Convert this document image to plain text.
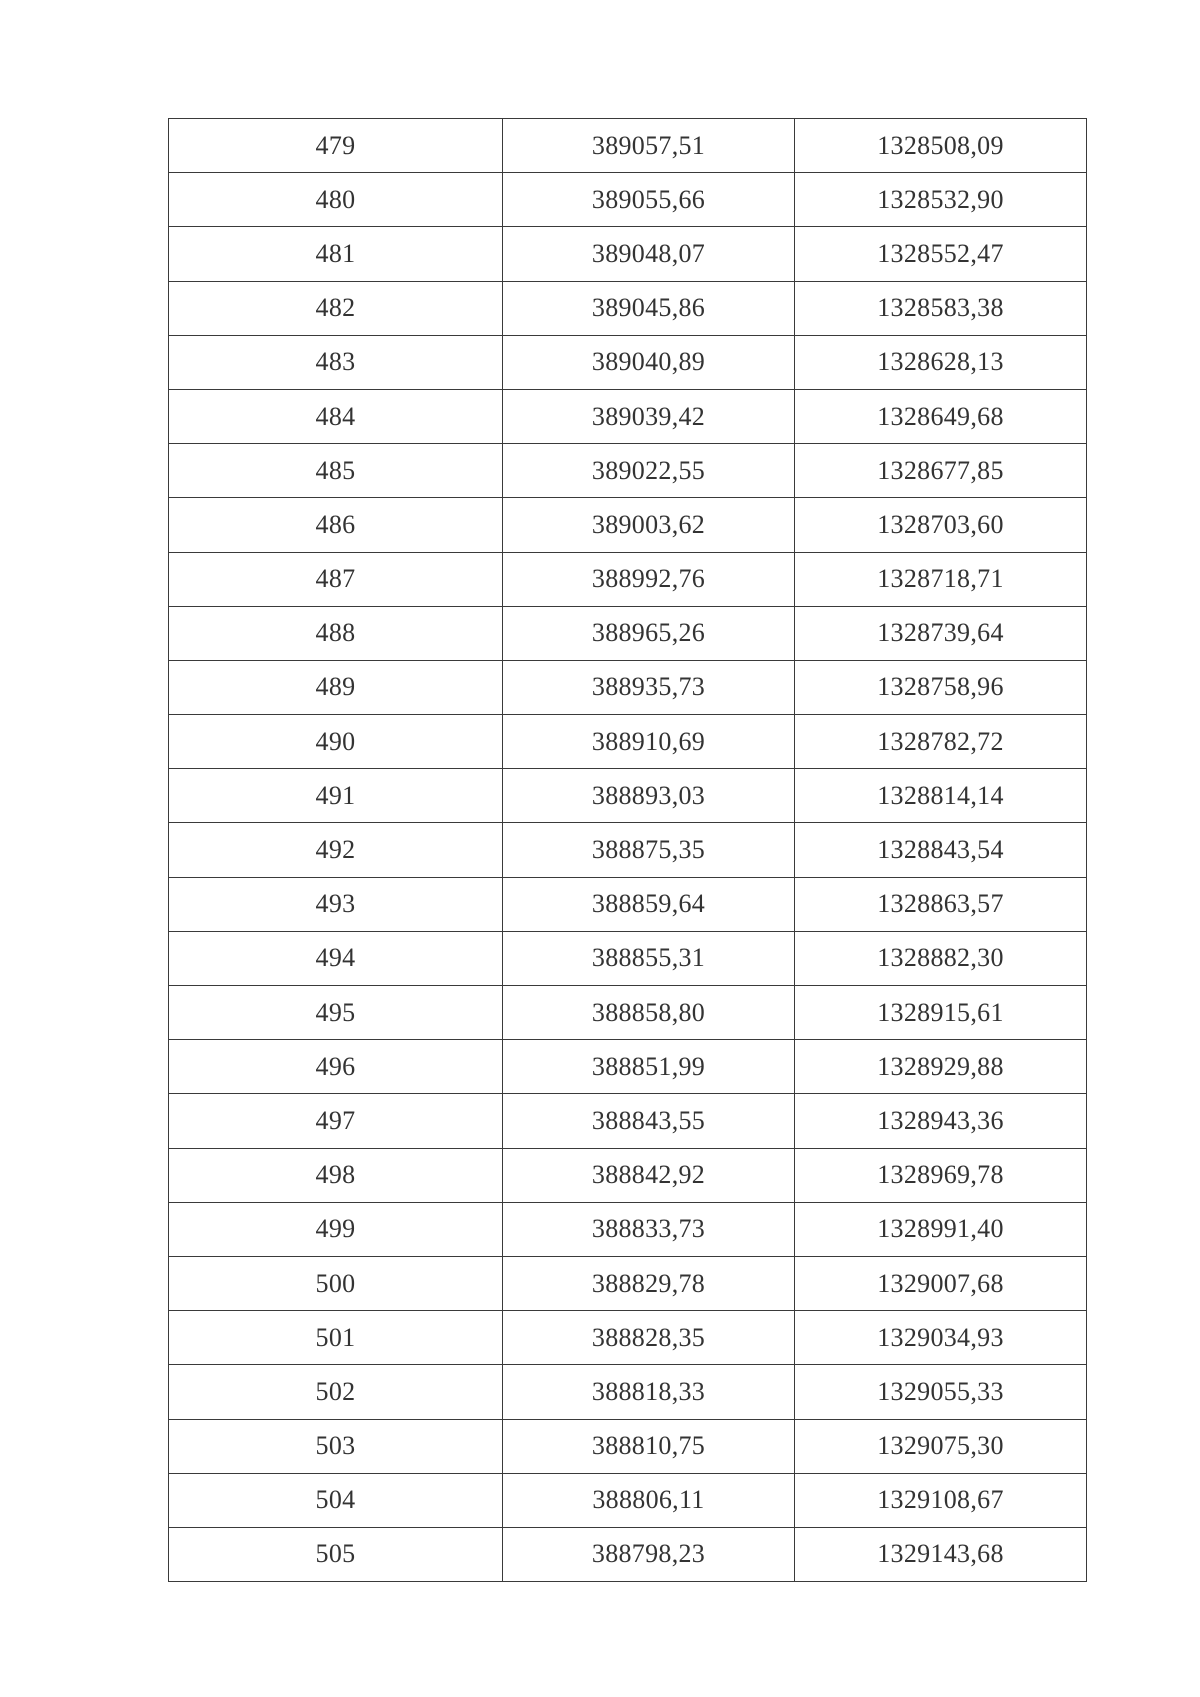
479	389057,51	1328508,09
480	389055,66	1328532,90
481	389048,07	1328552,47
482	389045,86	1328583,38
483	389040,89	1328628,13
484	389039,42	1328649,68
485	389022,55	1328677,85
486	389003,62	1328703,60
487	388992,76	1328718,71
488	388965,26	1328739,64
489	388935,73	1328758,96
490	388910,69	1328782,72
491	388893,03	1328814,14
492	388875,35	1328843,54
493	388859,64	1328863,57
494	388855,31	1328882,30
495	388858,80	1328915,61
496	388851,99	1328929,88
497	388843,55	1328943,36
498	388842,92	1328969,78
499	388833,73	1328991,40
500	388829,78	1329007,68
501	388828,35	1329034,93
502	388818,33	1329055,33
503	388810,75	1329075,30
504	388806,11	1329108,67
505	388798,23	1329143,68
